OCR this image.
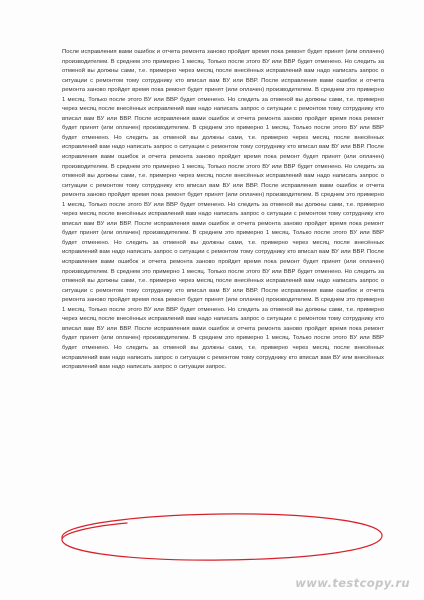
После исправления вами ошибок и отчета ремонта заново пройдет время пока ремонт будет принят (или оплачен) производителем. В среднем это примерно 1 месяц. Только после этого ВУ или ВВР будет отменено. Но следить за отменой вы должны сами, т.е. примерно через месяц после внесённых исправлений вам надо написать запрос о ситуации с ремонтом тому сотруднику кто вписал вам ВУ или ВВР. После исправления вами ошибок и отчета ремонта заново пройдет время пока ремонт будет принят (или оплачен) производителем. В среднем это примерно 1 месяц. Только после этого ВУ или ВВР будет отменено. Но следить за отменой вы должны сами, т.е. примерно через месяц после внесённых исправлений вам надо написать запрос о ситуации с ремонтом тому сотруднику кто вписал вам ВУ или ВВР. После исправления вами ошибок и отчета ремонта заново пройдет время пока ремонт будет принят (или оплачен) производителем. В среднем это примерно 1 месяц. Только после этого ВУ или ВВР будет отменено. Но следить за отменой вы должны сами, т.е. примерно через месяц после внесённых исправлений вам надо написать запрос о ситуации с ремонтом тому сотруднику кто вписал вам ВУ или ВВР. После исправления вами ошибок и отчета ремонта заново пройдет время пока ремонт будет принят (или оплачен) производителем. В среднем это примерно 1 месяц. Только после этого ВУ или ВВР будет отменено. Но следить за отменой вы должны сами, т.е. примерно через месяц после внесённых исправлений вам надо написать запрос о ситуации с ремонтом тому сотруднику кто вписал вам ВУ или ВВР. После исправления вами ошибок и отчета ремонта заново пройдет время пока ремонт будет принят (или оплачен) производителем. В среднем это примерно 1 месяц. Только после этого ВУ или ВВР будет отменено. Но следить за отменой вы должны сами, т.е. примерно через месяц после внесённых исправлений вам надо написать запрос о ситуации с ремонтом тому сотруднику кто вписал вам ВУ или ВВР. После исправления вами ошибок и отчета ремонта заново пройдет время пока ремонт будет принят (или оплачен) производителем. В среднем это примерно 1 месяц. Только после этого ВУ или ВВР будет отменено. Но следить за отменой вы должны сами, т.е. примерно через месяц после внесённых исправлений вам надо написать запрос о ситуации с ремонтом тому сотруднику кто вписал вам ВУ или ВВР. После исправления вами ошибок и отчета ремонта заново пройдет время пока ремонт будет принят (или оплачен) производителем. В среднем это примерно 1 месяц. Только после этого ВУ или ВВР будет отменено. Но следить за отменой вы должны сами, т.е. примерно через месяц после внесённых исправлений вам надо написать запрос о ситуации с ремонтом тому сотруднику кто вписал вам ВУ или ВВР. После исправления вами ошибок и отчета ремонта заново пройдет время пока ремонт будет принят (или оплачен) производителем. В среднем это примерно 1 месяц. Только после этого ВУ или ВВР будет отменено. Но следить за отменой вы должны сами, т.е. примерно через месяц после внесённых исправлений вам надо написать запрос о ситуации с ремонтом тому сотруднику кто вписал вам ВУ или ВВР. После исправления вами ошибок и отчета ремонта заново пройдет время пока ремонт будет принят (или оплачен) производителем. В среднем это примерно 1 месяц. Только после этого ВУ или ВВР будет отменено. Но следить за отменой вы должны сами, т.е. примерно через месяц после внесённых исправлений вам надо написать запрос о ситуации с ремонтом тому сотруднику кто вписал вам ВУ или внесённых исправлений вам надо написать запрос о ситуации запрос.

www.testcopy.ru
